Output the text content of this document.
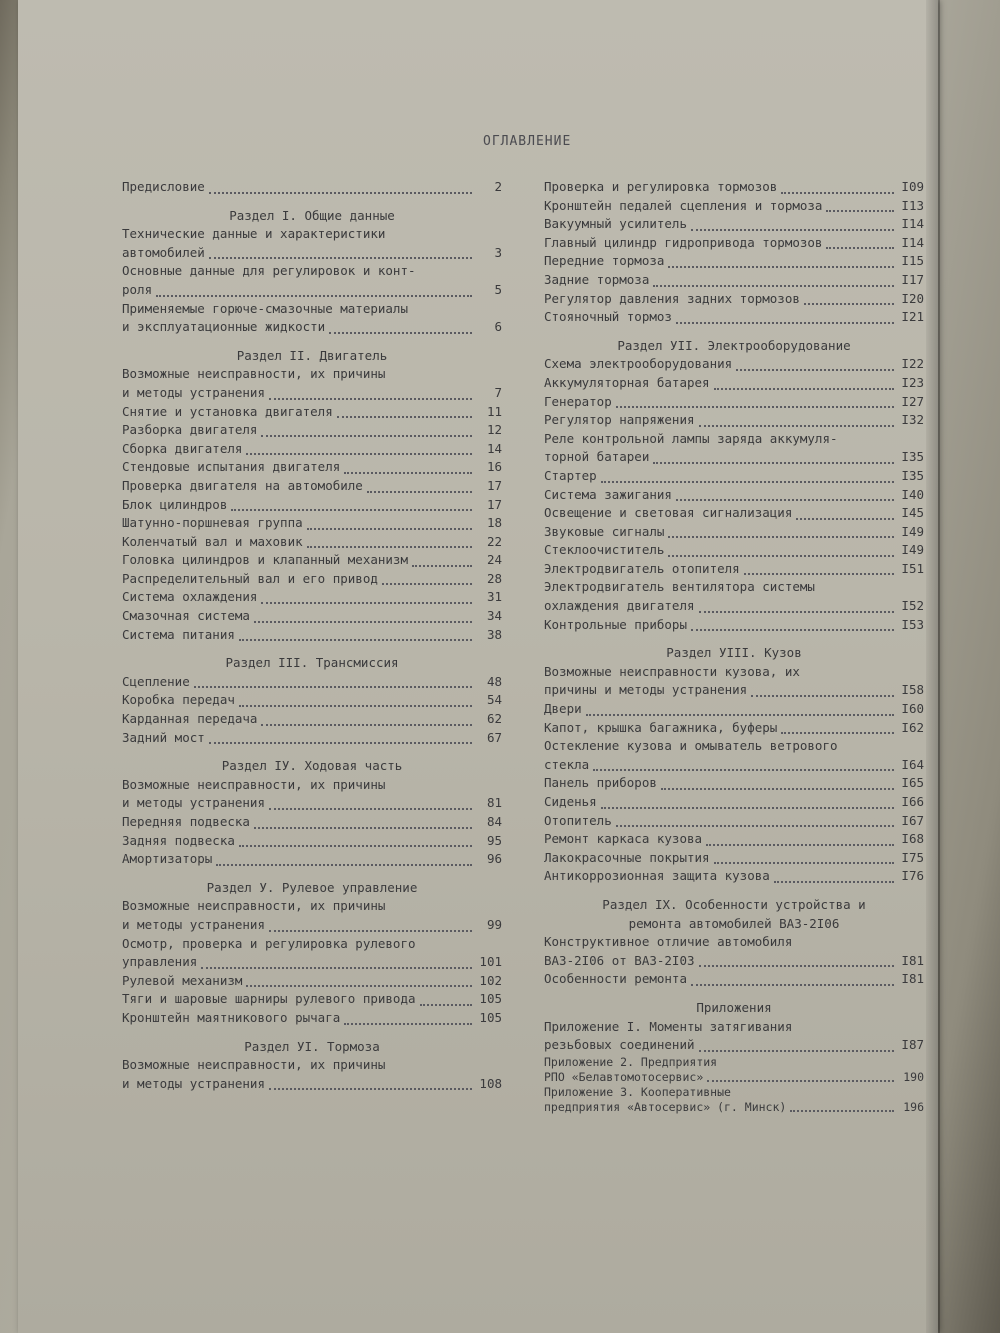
ОГЛАВЛЕНИЕ
Предисловие	2
Раздел I. Общие данные
Технические данные и характеристики
автомобилей	3
Основные данные для регулировок и конт-
роля	5
Применяемые горюче-смазочные материалы
и эксплуатационные жидкости	6
Раздел II. Двигатель
Возможные неисправности, их причины
и методы устранения	7
Снятие и установка двигателя	11
Разборка двигателя	12
Сборка двигателя	14
Стендовые испытания двигателя	16
Проверка двигателя на автомобиле	17
Блок цилиндров	17
Шатунно-поршневая группа	18
Коленчатый вал и маховик	22
Головка цилиндров и клапанный механизм	24
Распределительный вал и его привод	28
Система охлаждения	31
Смазочная система	34
Система питания	38
Раздел III. Трансмиссия
Сцепление	48
Коробка передач	54
Карданная передача	62
Задний мост	67
Раздел IУ. Ходовая часть
Возможные неисправности, их причины
и методы устранения	81
Передняя подвеска	84
Задняя подвеска	95
Амортизаторы	96
Раздел У. Рулевое управление
Возможные неисправности, их причины
и методы устранения	99
Осмотр, проверка и регулировка рулевого
управления	101
Рулевой механизм	102
Тяги и шаровые шарниры рулевого привода	105
Кронштейн маятникового рычага	105
Раздел УI. Тормоза
Возможные неисправности, их причины
и методы устранения	108
Проверка и регулировка тормозов	I09
Кронштейн педалей сцепления и тормоза	I13
Вакуумный усилитель	I14
Главный цилиндр гидропривода тормозов	I14
Передние тормоза	I15
Задние тормоза	I17
Регулятор давления задних тормозов	I20
Стояночный тормоз	I21
Раздел УII. Электрооборудование
Схема электрооборудования	I22
Аккумуляторная батарея	I23
Генератор	I27
Регулятор напряжения	I32
Реле контрольной лампы заряда аккумуля-
торной батареи	I35
Стартер	I35
Система зажигания	I40
Освещение и световая сигнализация	I45
Звуковые сигналы	I49
Стеклоочиститель	I49
Электродвигатель отопителя	I51
Электродвигатель вентилятора системы
охлаждения двигателя	I52
Контрольные приборы	I53
Раздел УIII. Кузов
Возможные неисправности кузова, их
причины и методы устранения	I58
Двери	I60
Капот, крышка багажника, буферы	I62
Остекление кузова и омыватель ветрового
стекла	I64
Панель приборов	I65
Сиденья	I66
Отопитель	I67
Ремонт каркаса кузова	I68
Лакокрасочные покрытия	I75
Антикоррозионная защита кузова	I76
Раздел IX. Особенности устройства и
ремонта автомобилей ВАЗ-2I06
Конструктивное отличие автомобиля
ВАЗ-2I06 от ВАЗ-2I03	I81
Особенности ремонта	I81
Приложения
Приложение I. Моменты затягивания
резьбовых соединений	I87
Приложение 2. Предприятия
РПО «Белавтомотосервис»	190
Приложение 3. Кооперативные
предприятия «Автосервис» (г. Минск)	196
